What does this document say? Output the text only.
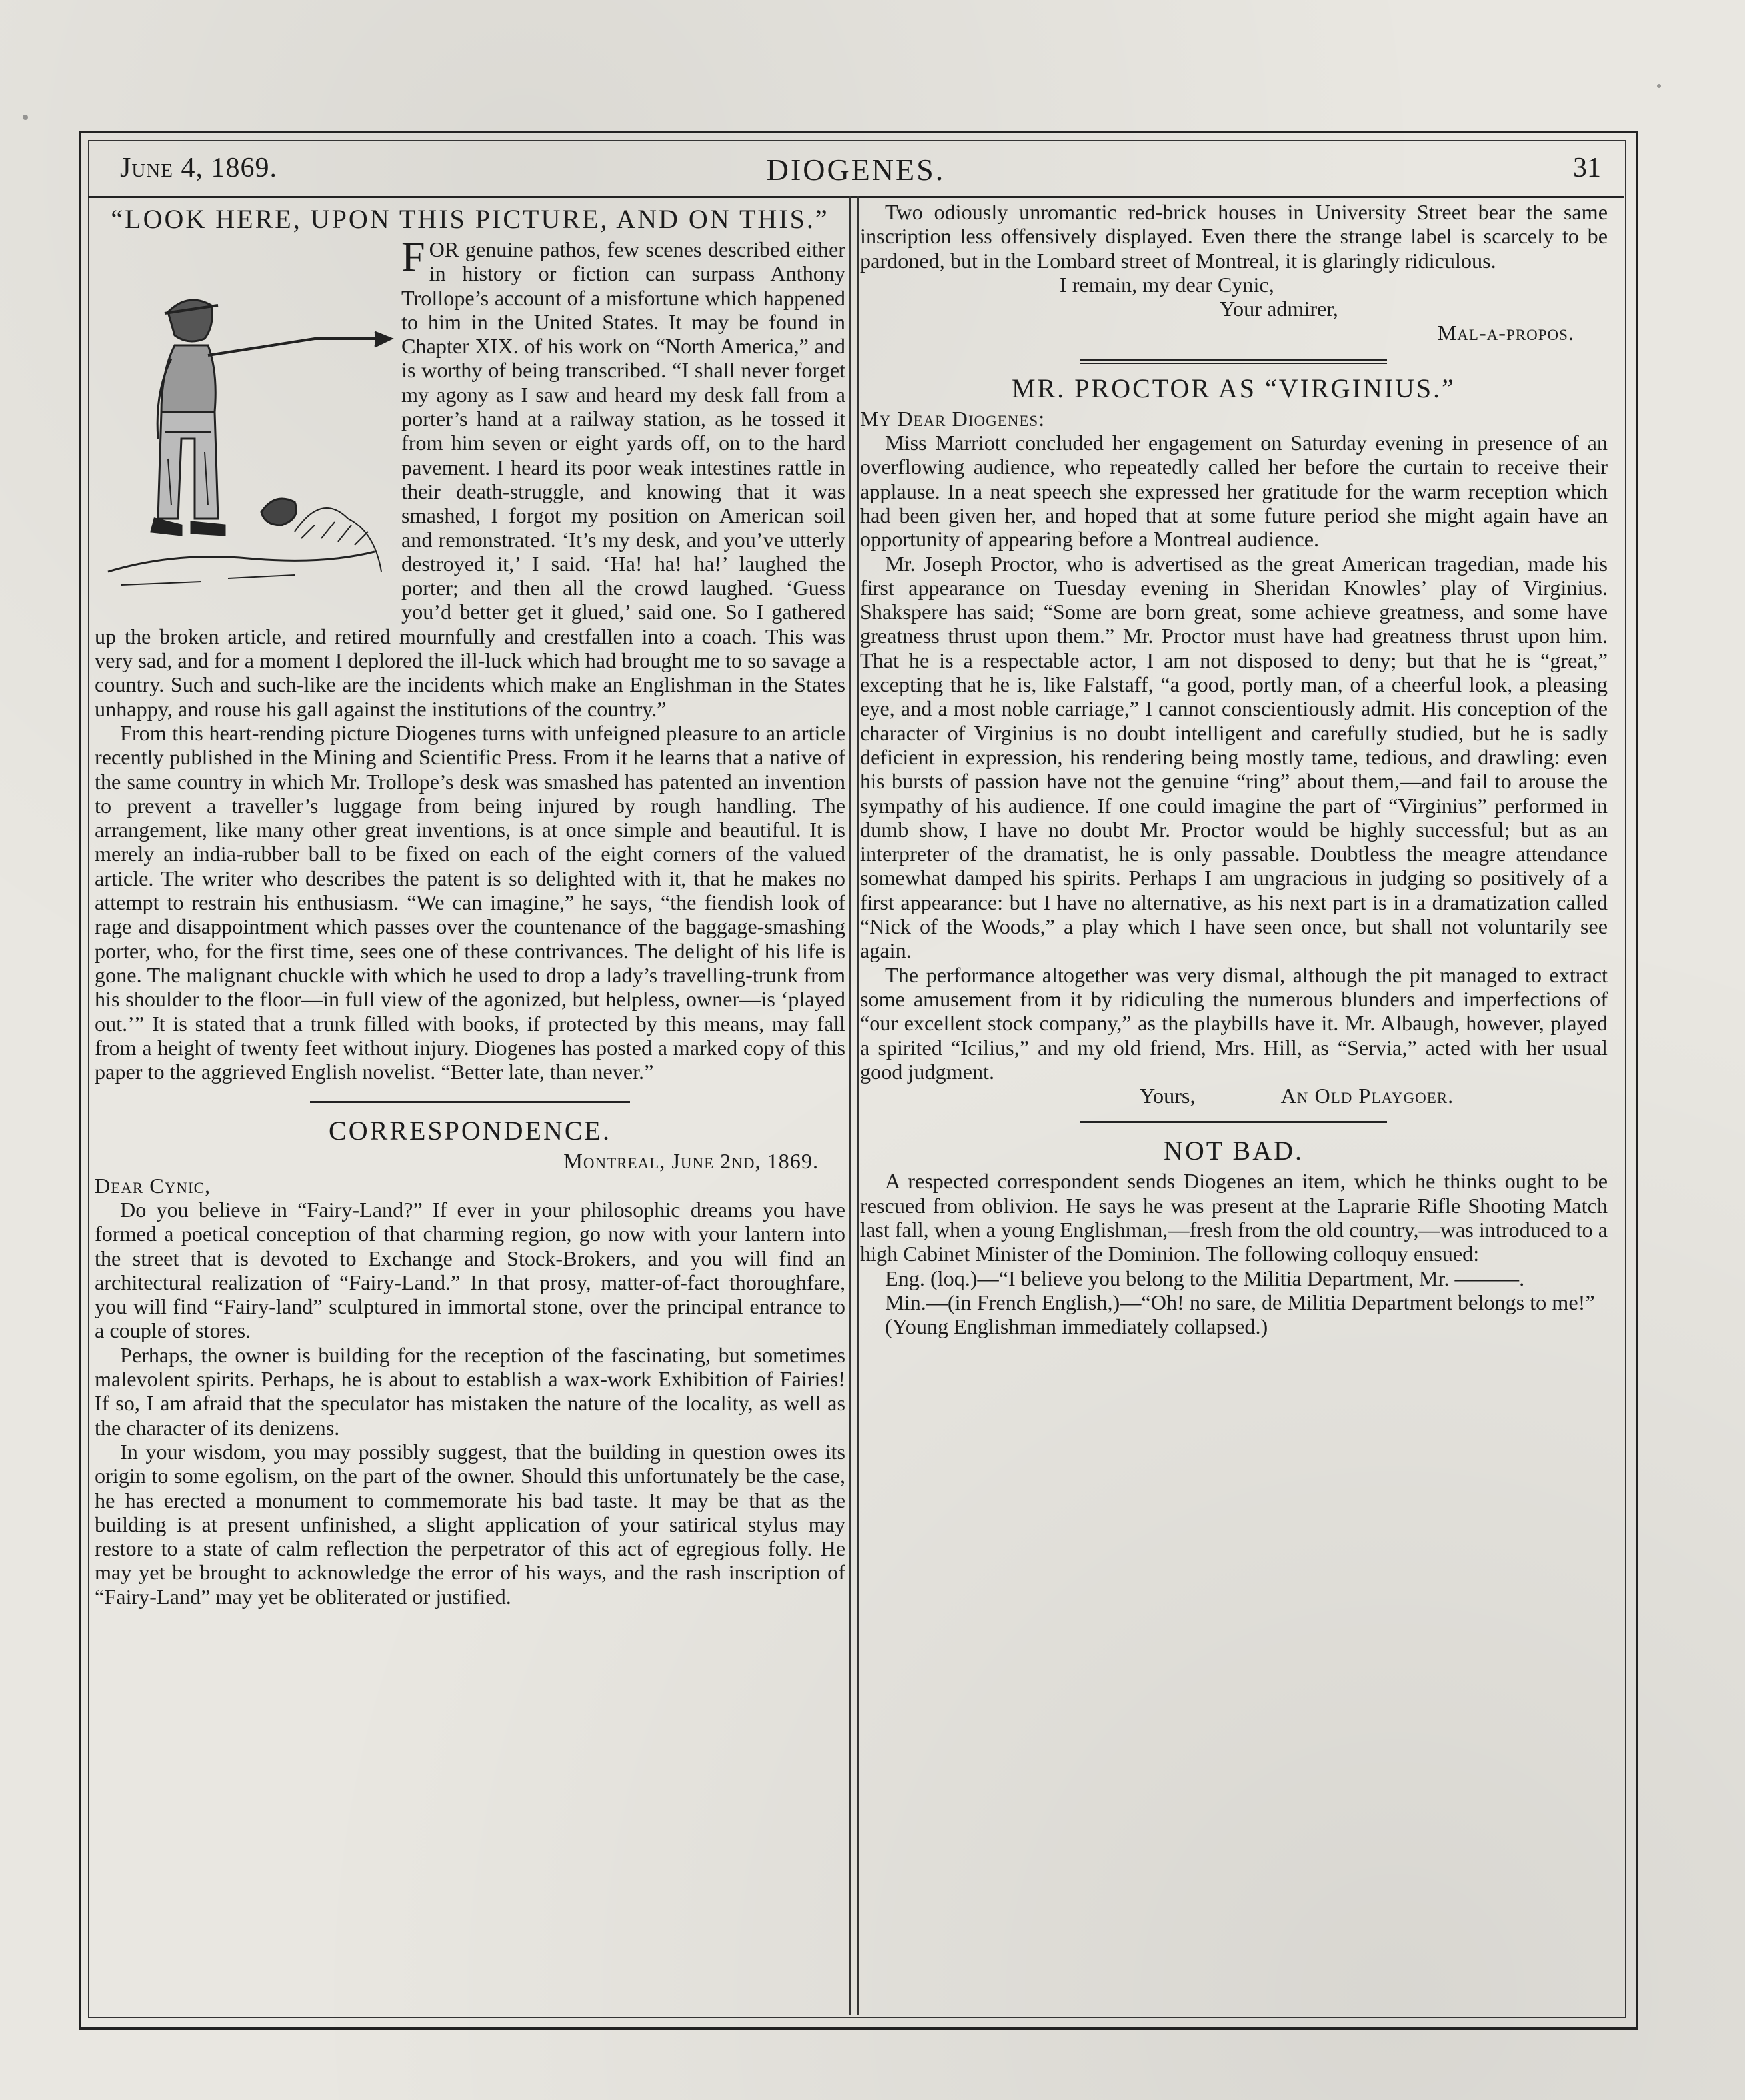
June 4, 1869.	DIOGENES.	31
“LOOK HERE, UPON THIS PICTURE, AND ON THIS.”

FOR genuine pathos, few scenes described either in history or fiction can surpass Anthony Trollope’s account of a misfortune which happened to him in the United States. It may be found in Chapter XIX. of his work on “North America,” and is worthy of being transcribed. “I shall never forget my agony as I saw and heard my desk fall from a porter’s hand at a railway station, as he tossed it from him seven or eight yards off, on to the hard pavement. I heard its poor weak intestines rattle in their death-struggle, and knowing that it was smashed, I forgot my position on American soil and remonstrated. ‘It’s my desk, and you’ve utterly destroyed it,’ I said. ‘Ha! ha! ha!’ laughed the porter; and then all the crowd laughed. ‘Guess you’d better get it glued,’ said one. So I gathered up the broken article, and retired mournfully and crestfallen into a coach. This was very sad, and for a moment I deplored the ill-luck which had brought me to so savage a country. Such and such-like are the incidents which make an Englishman in the States unhappy, and rouse his gall against the institutions of the country.”

From this heart-rending picture Diogenes turns with unfeigned pleasure to an article recently published in the Mining and Scientific Press. From it he learns that a native of the same country in which Mr. Trollope’s desk was smashed has patented an invention to prevent a traveller’s luggage from being injured by rough handling. The arrangement, like many other great inventions, is at once simple and beautiful. It is merely an india-rubber ball to be fixed on each of the eight corners of the valued article. The writer who describes the patent is so delighted with it, that he makes no attempt to restrain his enthusiasm. “We can imagine,” he says, “the fiendish look of rage and disappointment which passes over the countenance of the baggage-smashing porter, who, for the first time, sees one of these contrivances. The delight of his life is gone. The malignant chuckle with which he used to drop a lady’s travelling-trunk from his shoulder to the floor—in full view of the agonized, but helpless, owner—is ‘played out.’” It is stated that a trunk filled with books, if protected by this means, may fall from a height of twenty feet without injury. Diogenes has posted a marked copy of this paper to the aggrieved English novelist. “Better late, than never.”

CORRESPONDENCE.

Montreal, June 2nd, 1869.

Dear Cynic,

Do you believe in “Fairy-Land?” If ever in your philosophic dreams you have formed a poetical conception of that charming region, go now with your lantern into the street that is devoted to Exchange and Stock-Brokers, and you will find an architectural realization of “Fairy-Land.” In that prosy, matter-of-fact thoroughfare, you will find “Fairy-land” sculptured in immortal stone, over the principal entrance to a couple of stores.

Perhaps, the owner is building for the reception of the fascinating, but sometimes malevolent spirits. Perhaps, he is about to establish a wax-work Exhibition of Fairies! If so, I am afraid that the speculator has mistaken the nature of the locality, as well as the character of its denizens.

In your wisdom, you may possibly suggest, that the building in question owes its origin to some egolism, on the part of the owner. Should this unfortunately be the case, he has erected a monument to commemorate his bad taste. It may be that as the building is at present unfinished, a slight application of your satirical stylus may restore to a state of calm reflection the perpetrator of this act of egregious folly. He may yet be brought to acknowledge the error of his ways, and the rash inscription of “Fairy-Land” may yet be obliterated or justified.

Two odiously unromantic red-brick houses in University Street bear the same inscription less offensively displayed. Even there the strange label is scarcely to be pardoned, but in the Lombard street of Montreal, it is glaringly ridiculous.

I remain, my dear Cynic,

Your admirer,

Mal-a-propos.

MR. PROCTOR AS “VIRGINIUS.”

My Dear Diogenes:

Miss Marriott concluded her engagement on Saturday evening in presence of an overflowing audience, who repeatedly called her before the curtain to receive their applause. In a neat speech she expressed her gratitude for the warm reception which had been given her, and hoped that at some future period she might again have an opportunity of appearing before a Montreal audience.

Mr. Joseph Proctor, who is advertised as the great American tragedian, made his first appearance on Tuesday evening in Sheridan Knowles’ play of Virginius. Shakspere has said; “Some are born great, some achieve greatness, and some have greatness thrust upon them.” Mr. Proctor must have had greatness thrust upon him. That he is a respectable actor, I am not disposed to deny; but that he is “great,” excepting that he is, like Falstaff, “a good, portly man, of a cheerful look, a pleasing eye, and a most noble carriage,” I cannot conscientiously admit. His conception of the character of Virginius is no doubt intelligent and carefully studied, but he is sadly deficient in expression, his rendering being mostly tame, tedious, and drawling: even his bursts of passion have not the genuine “ring” about them,—and fail to arouse the sympathy of his audience. If one could imagine the part of “Virginius” performed in dumb show, I have no doubt Mr. Proctor would be highly successful; but as an interpreter of the dramatist, he is only passable. Doubtless the meagre attendance somewhat damped his spirits. Perhaps I am ungracious in judging so positively of a first appearance: but I have no alternative, as his next part is in a dramatization called “Nick of the Woods,” a play which I have seen once, but shall not voluntarily see again.

The performance altogether was very dismal, although the pit managed to extract some amusement from it by ridiculing the numerous blunders and imperfections of “our excellent stock company,” as the playbills have it. Mr. Albaugh, however, played a spirited “Icilius,” and my old friend, Mrs. Hill, as “Servia,” acted with her usual good judgment.

Yours,	An Old Playgoer.

NOT BAD.

A respected correspondent sends Diogenes an item, which he thinks ought to be rescued from oblivion. He says he was present at the Laprarie Rifle Shooting Match last fall, when a young Englishman,—fresh from the old country,—was introduced to a high Cabinet Minister of the Dominion. The following colloquy ensued:

Eng. (loq.)—“I believe you belong to the Militia Department, Mr. ———.

Min.—(in French English,)—“Oh! no sare, de Militia Department belongs to me!”

(Young Englishman immediately collapsed.)
